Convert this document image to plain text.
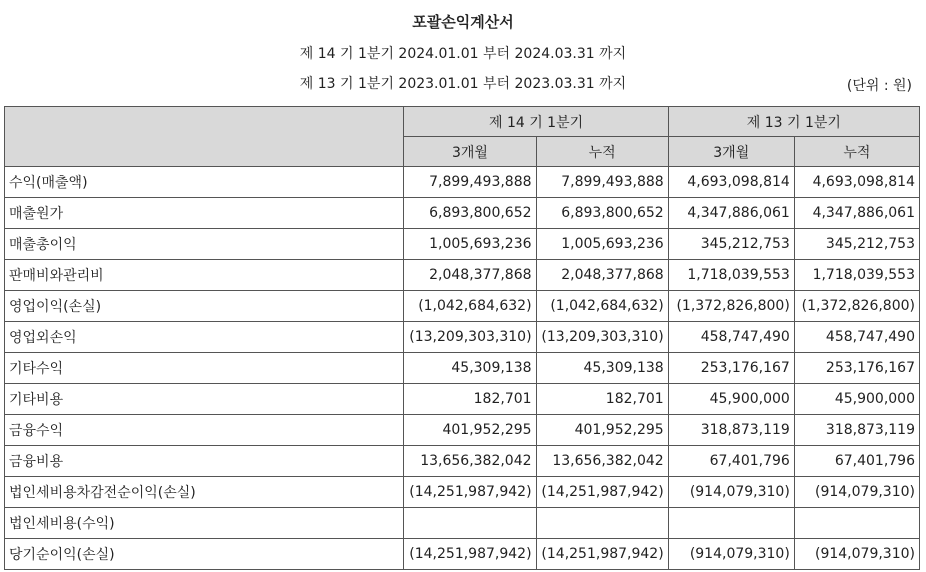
포괄손익계산서
제 14 기 1분기 2024.01.01 부터 2024.03.31 까지
제 13 기 1분기 2023.01.01 부터 2023.03.31 까지	(단위 : 원)
	제 14 기 1분기		제 13 기 1분기	
	3개월	누적	3개월	누적
수익(매출액)	7,899,493,888	7,899,493,888	4,693,098,814	4,693,098,814
매출원가	6,893,800,652	6,893,800,652	4,347,886,061	4,347,886,061
매출총이익	1,005,693,236	1,005,693,236	345,212,753	345,212,753
판매비와관리비	2,048,377,868	2,048,377,868	1,718,039,553	1,718,039,553
영업이익(손실)	(1,042,684,632)	(1,042,684,632)	(1,372,826,800)	(1,372,826,800)
영업외손익	(13,209,303,310)	(13,209,303,310)	458,747,490	458,747,490
기타수익	45,309,138	45,309,138	253,176,167	253,176,167
기타비용	182,701	182,701	45,900,000	45,900,000
금융수익	401,952,295	401,952,295	318,873,119	318,873,119
금융비용	13,656,382,042	13,656,382,042	67,401,796	67,401,796
법인세비용차감전순이익(손실)	(14,251,987,942)	(14,251,987,942)	(914,079,310)	(914,079,310)
법인세비용(수익)				
당기순이익(손실)	(14,251,987,942)	(14,251,987,942)	(914,079,310)	(914,079,310)
